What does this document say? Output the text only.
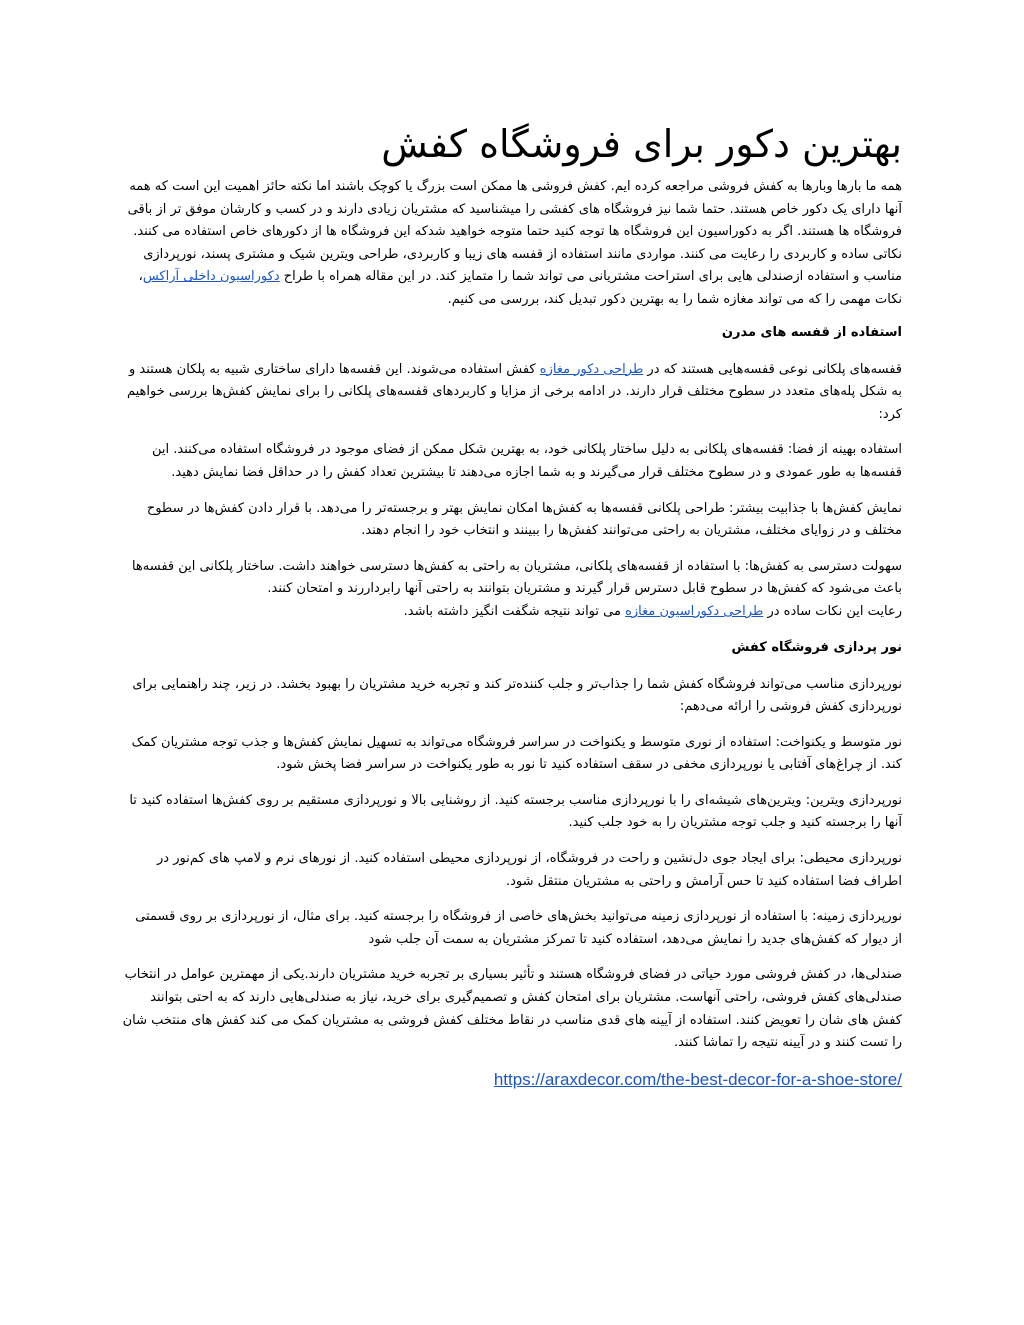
بهترین دکور برای فروشگاه کفش

همه ما بارها وبارها به کفش فروشی مراجعه کرده ایم. کفش فروشی ها ممکن است بزرگ یا کوچک باشند اما نکته حائز اهمیت این است که همه آنها دارای یک دکور خاص هستند. حتما شما نیز فروشگاه های کفشی را میشناسید که مشتریان زیادی دارند و در کسب و کارشان موفق تر از باقی فروشگاه ها هستند. اگر به دکوراسیون این فروشگاه ها توجه کنید حتما متوجه خواهید شدکه این فروشگاه ها از دکورهای خاص استفاده می کنند. نکاتی ساده و کاربردی را رعایت می کنند. مواردی مانند استفاده از قفسه های زیبا و کاربردی، طراحی ویترین شیک و مشتری پسند، نورپردازی مناسب و استفاده ازصندلی هایی برای استراحت مشتریانی می تواند شما را متمایز کند. در این مقاله همراه با طراح دکوراسیون داخلی آراکس، نکات مهمی را که می تواند مغازه شما را به بهترین دکور تبدیل کند، بررسی می کنیم.

استفاده از قفسه های مدرن

قفسه‌های پلکانی نوعی قفسه‌هایی هستند که در طراحی دکور مغازه کفش استفاده می‌شوند. این قفسه‌ها دارای ساختاری شبیه به پلکان هستند و به شکل پله‌های متعدد در سطوح مختلف قرار دارند. در ادامه برخی از مزایا و کاربردهای قفسه‌های پلکانی را برای نمایش کفش‌ها بررسی خواهیم کرد:

استفاده بهینه از فضا: قفسه‌های پلکانی به دلیل ساختار پلکانی خود، به بهترین شکل ممکن از فضای موجود در فروشگاه استفاده می‌کنند. این قفسه‌ها به طور عمودی و در سطوح مختلف قرار می‌گیرند و به شما اجازه می‌دهند تا بیشترین تعداد کفش را در حداقل فضا نمایش دهید.

نمایش کفش‌ها با جذابیت بیشتر: طراحی پلکانی قفسه‌ها به کفش‌ها امکان نمایش بهتر و برجسته‌تر را می‌دهد. با قرار دادن کفش‌ها در سطوح مختلف و در زوایای مختلف، مشتریان به راحتی می‌توانند کفش‌ها را ببینند و انتخاب خود را انجام دهند.

سهولت دسترسی به کفش‌ها: با استفاده از قفسه‌های پلکانی، مشتریان به راحتی به کفش‌ها دسترسی خواهند داشت. ساختار پلکانی این قفسه‌ها باعث می‌شود که کفش‌ها در سطوح قابل دسترس قرار گیرند و مشتریان بتوانند به راحتی آنها رابرداررند و امتحان کنند.
رعایت این نکات ساده در طراحی دکوراسیون مغازه می تواند نتیجه شگفت انگیز داشته باشد.

نور پردازی فروشگاه کفش

نورپردازی مناسب می‌تواند فروشگاه کفش شما را جذاب‌تر و جلب کننده‌تر کند و تجربه خرید مشتریان را بهبود بخشد. در زیر، چند راهنمایی برای نورپردازی کفش فروشی را ارائه می‌دهم:

نور متوسط و یکنواخت: استفاده از نوری متوسط و یکنواخت در سراسر فروشگاه می‌تواند به تسهیل نمایش کفش‌ها و جذب توجه مشتریان کمک کند. از چراغ‌های آفتابی یا نورپردازی مخفی در سقف استفاده کنید تا نور به طور یکنواخت در سراسر فضا پخش شود.

نورپردازی ویترین: ویترین‌های شیشه‌ای را با نورپردازی مناسب برجسته کنید. از روشنایی بالا و نورپردازی مستقیم بر روی کفش‌ها استفاده کنید تا آنها را برجسته کنید و جلب توجه مشتریان را به خود جلب کنید.

نورپردازی محیطی: برای ایجاد جوی دل‌نشین و راحت در فروشگاه، از نورپردازی محیطی استفاده کنید. از نورهای نرم و لامپ های کم‌نور در اطراف فضا استفاده کنید تا حس آرامش و راحتی به مشتریان منتقل شود.

نورپردازی زمینه: با استفاده از نورپردازی زمینه می‌توانید بخش‌های خاصی از فروشگاه را برجسته کنید. برای مثال، از نورپردازی بر روی قسمتی از دیوار که کفش‌های جدید را نمایش می‌دهد، استفاده کنید تا تمرکز مشتریان به سمت آن جلب شود

صندلی‌ها، در کفش فروشی مورد حیاتی در فضای فروشگاه هستند و تأثیر بسیاری بر تجربه خرید مشتریان دارند.یکی از مهمترین عوامل در انتخاب صندلی‌های کفش فروشی، راحتی آنهاست. مشتریان برای امتحان کفش و تصمیم‌گیری برای خرید، نیاز به صندلی‌هایی دارند که به احتی بتوانند کفش های شان را تعویض کنند. استفاده از آیینه های قدی مناسب در نقاط مختلف کفش فروشی به مشتریان کمک می کند کفش های منتخب شان را تست کنند و در آیینه نتیجه را تماشا کنند.

https://araxdecor.com/the-best-decor-for-a-shoe-store/
